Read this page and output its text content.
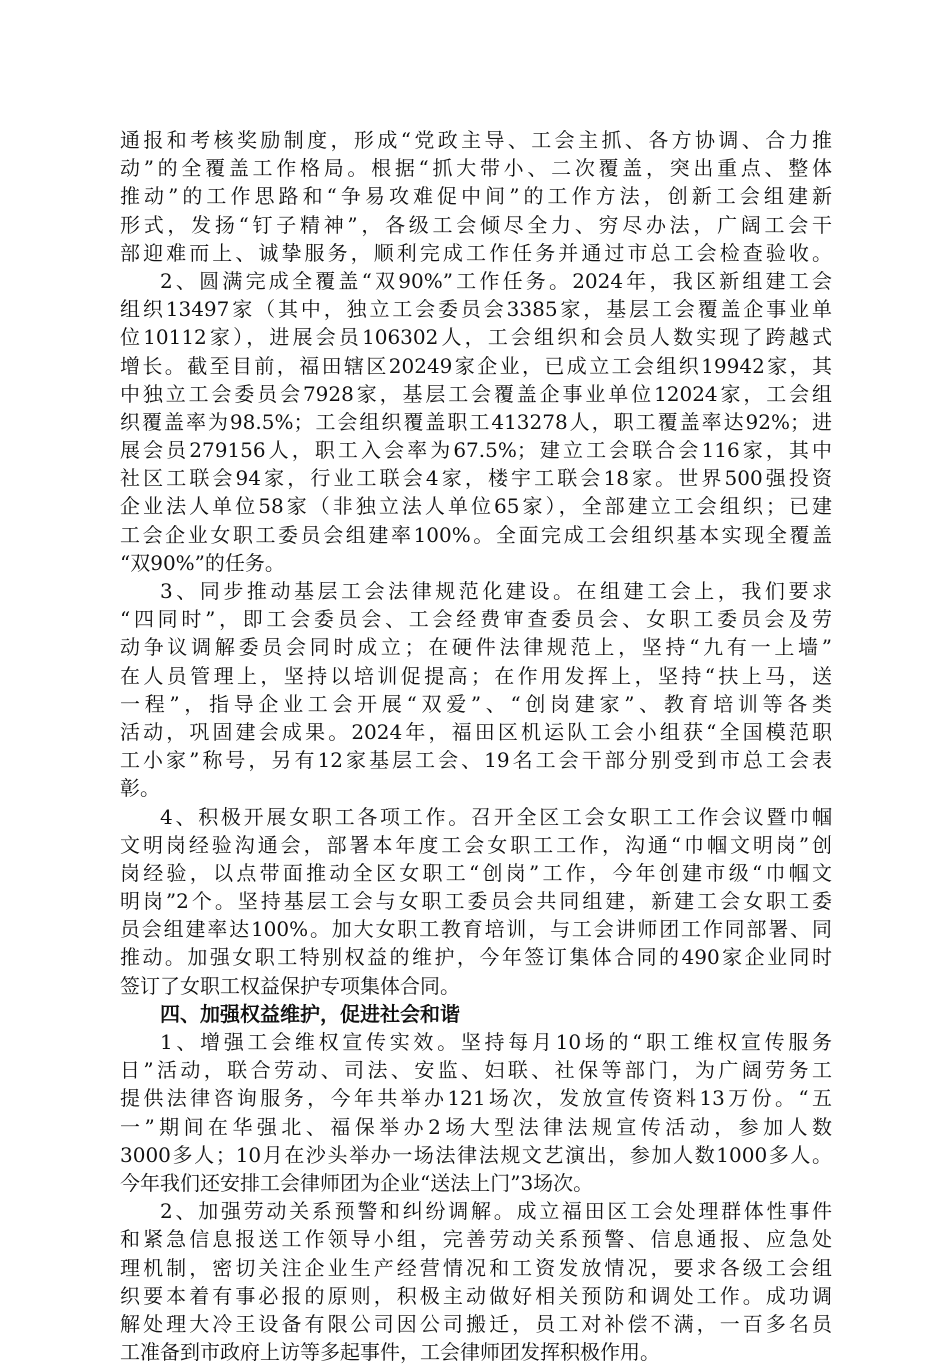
通报和考核奖励制度，形成“党政主导、工会主抓、各方协调、合力推
动”的全覆盖工作格局。根据“抓大带小、二次覆盖，突出重点、整体
推动”的工作思路和“争易攻难促中间”的工作方法，创新工会组建新
形式，发扬“钉子精神”，各级工会倾尽全力、穷尽办法，广阔工会干
部迎难而上、诚挚服务，顺利完成工作任务并通过市总工会检查验收。
2、圆满完成全覆盖“双90%”工作任务。2024年，我区新组建工会
组织13497家（其中，独立工会委员会3385家，基层工会覆盖企事业单
位10112家），进展会员106302人，工会组织和会员人数实现了跨越式
增长。截至目前，福田辖区20249家企业，已成立工会组织19942家，其
中独立工会委员会7928家，基层工会覆盖企事业单位12024家，工会组
织覆盖率为98.5%；工会组织覆盖职工413278人，职工覆盖率达92%；进
展会员279156人，职工入会率为67.5%；建立工会联合会116家，其中
社区工联会94家，行业工联会4家，楼宇工联会18家。世界500强投资
企业法人单位58家（非独立法人单位65家），全部建立工会组织；已建
工会企业女职工委员会组建率100%。全面完成工会组织基本实现全覆盖
“双90%”的任务。
3、同步推动基层工会法律规范化建设。在组建工会上，我们要求
“四同时”，即工会委员会、工会经费审查委员会、女职工委员会及劳
动争议调解委员会同时成立；在硬件法律规范上，坚持“九有一上墙”
在人员管理上，坚持以培训促提高；在作用发挥上，坚持“扶上马，送
一程”，指导企业工会开展“双爱”、“创岗建家”、教育培训等各类
活动，巩固建会成果。2024年，福田区机运队工会小组获“全国模范职
工小家”称号，另有12家基层工会、19名工会干部分别受到市总工会表
彰。
4、积极开展女职工各项工作。召开全区工会女职工工作会议暨巾帼
文明岗经验沟通会，部署本年度工会女职工工作，沟通“巾帼文明岗”创
岗经验，以点带面推动全区女职工“创岗”工作，今年创建市级“巾帼文
明岗”2个。坚持基层工会与女职工委员会共同组建，新建工会女职工委
员会组建率达100%。加大女职工教育培训，与工会讲师团工作同部署、同
推动。加强女职工特别权益的维护，今年签订集体合同的490家企业同时
签订了女职工权益保护专项集体合同。
四、加强权益维护，促进社会和谐
1、增强工会维权宣传实效。坚持每月10场的“职工维权宣传服务
日”活动，联合劳动、司法、安监、妇联、社保等部门，为广阔劳务工
提供法律咨询服务，今年共举办121场次，发放宣传资料13万份。“五
一”期间在华强北、福保举办2场大型法律法规宣传活动，参加人数
3000多人；10月在沙头举办一场法律法规文艺演出，参加人数1000多人。
今年我们还安排工会律师团为企业“送法上门”3场次。
2、加强劳动关系预警和纠纷调解。成立福田区工会处理群体性事件
和紧急信息报送工作领导小组，完善劳动关系预警、信息通报、应急处
理机制，密切关注企业生产经营情况和工资发放情况，要求各级工会组
织要本着有事必报的原则，积极主动做好相关预防和调处工作。成功调
解处理大冷王设备有限公司因公司搬迁，员工对补偿不满，一百多名员
工准备到市政府上访等多起事件，工会律师团发挥积极作用。
